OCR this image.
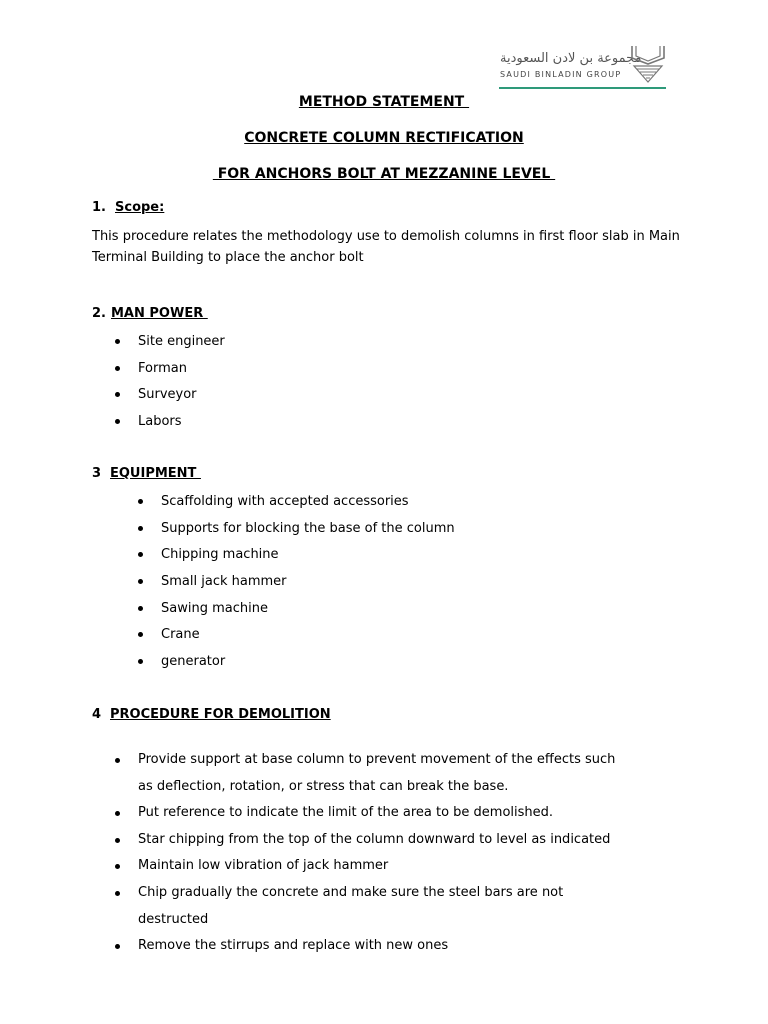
مجموعة بن لادن السعودية
SAUDI BINLADIN GROUP
METHOD STATEMENT
CONCRETE COLUMN RECTIFICATION
FOR ANCHORS BOLT AT MEZZANINE LEVEL
1. Scope:
This procedure relates the methodology use to demolish columns in first floor slab in Main Terminal Building to place the anchor bolt
2. MAN POWER
Site engineer
Forman
Surveyor
Labors
3 EQUIPMENT
Scaffolding with accepted accessories
Supports for blocking the base of the column
Chipping machine
Small jack hammer
Sawing machine
Crane
generator
4 PROCEDURE FOR DEMOLITION
Provide support at base column to prevent movement of the effects such as deflection, rotation, or stress that can break the base.
Put reference to indicate the limit of the area to be demolished.
Star chipping from the top of the column downward to level as indicated
Maintain low vibration of jack hammer
Chip gradually the concrete and make sure the steel bars are not destructed
Remove the stirrups and replace with new ones
